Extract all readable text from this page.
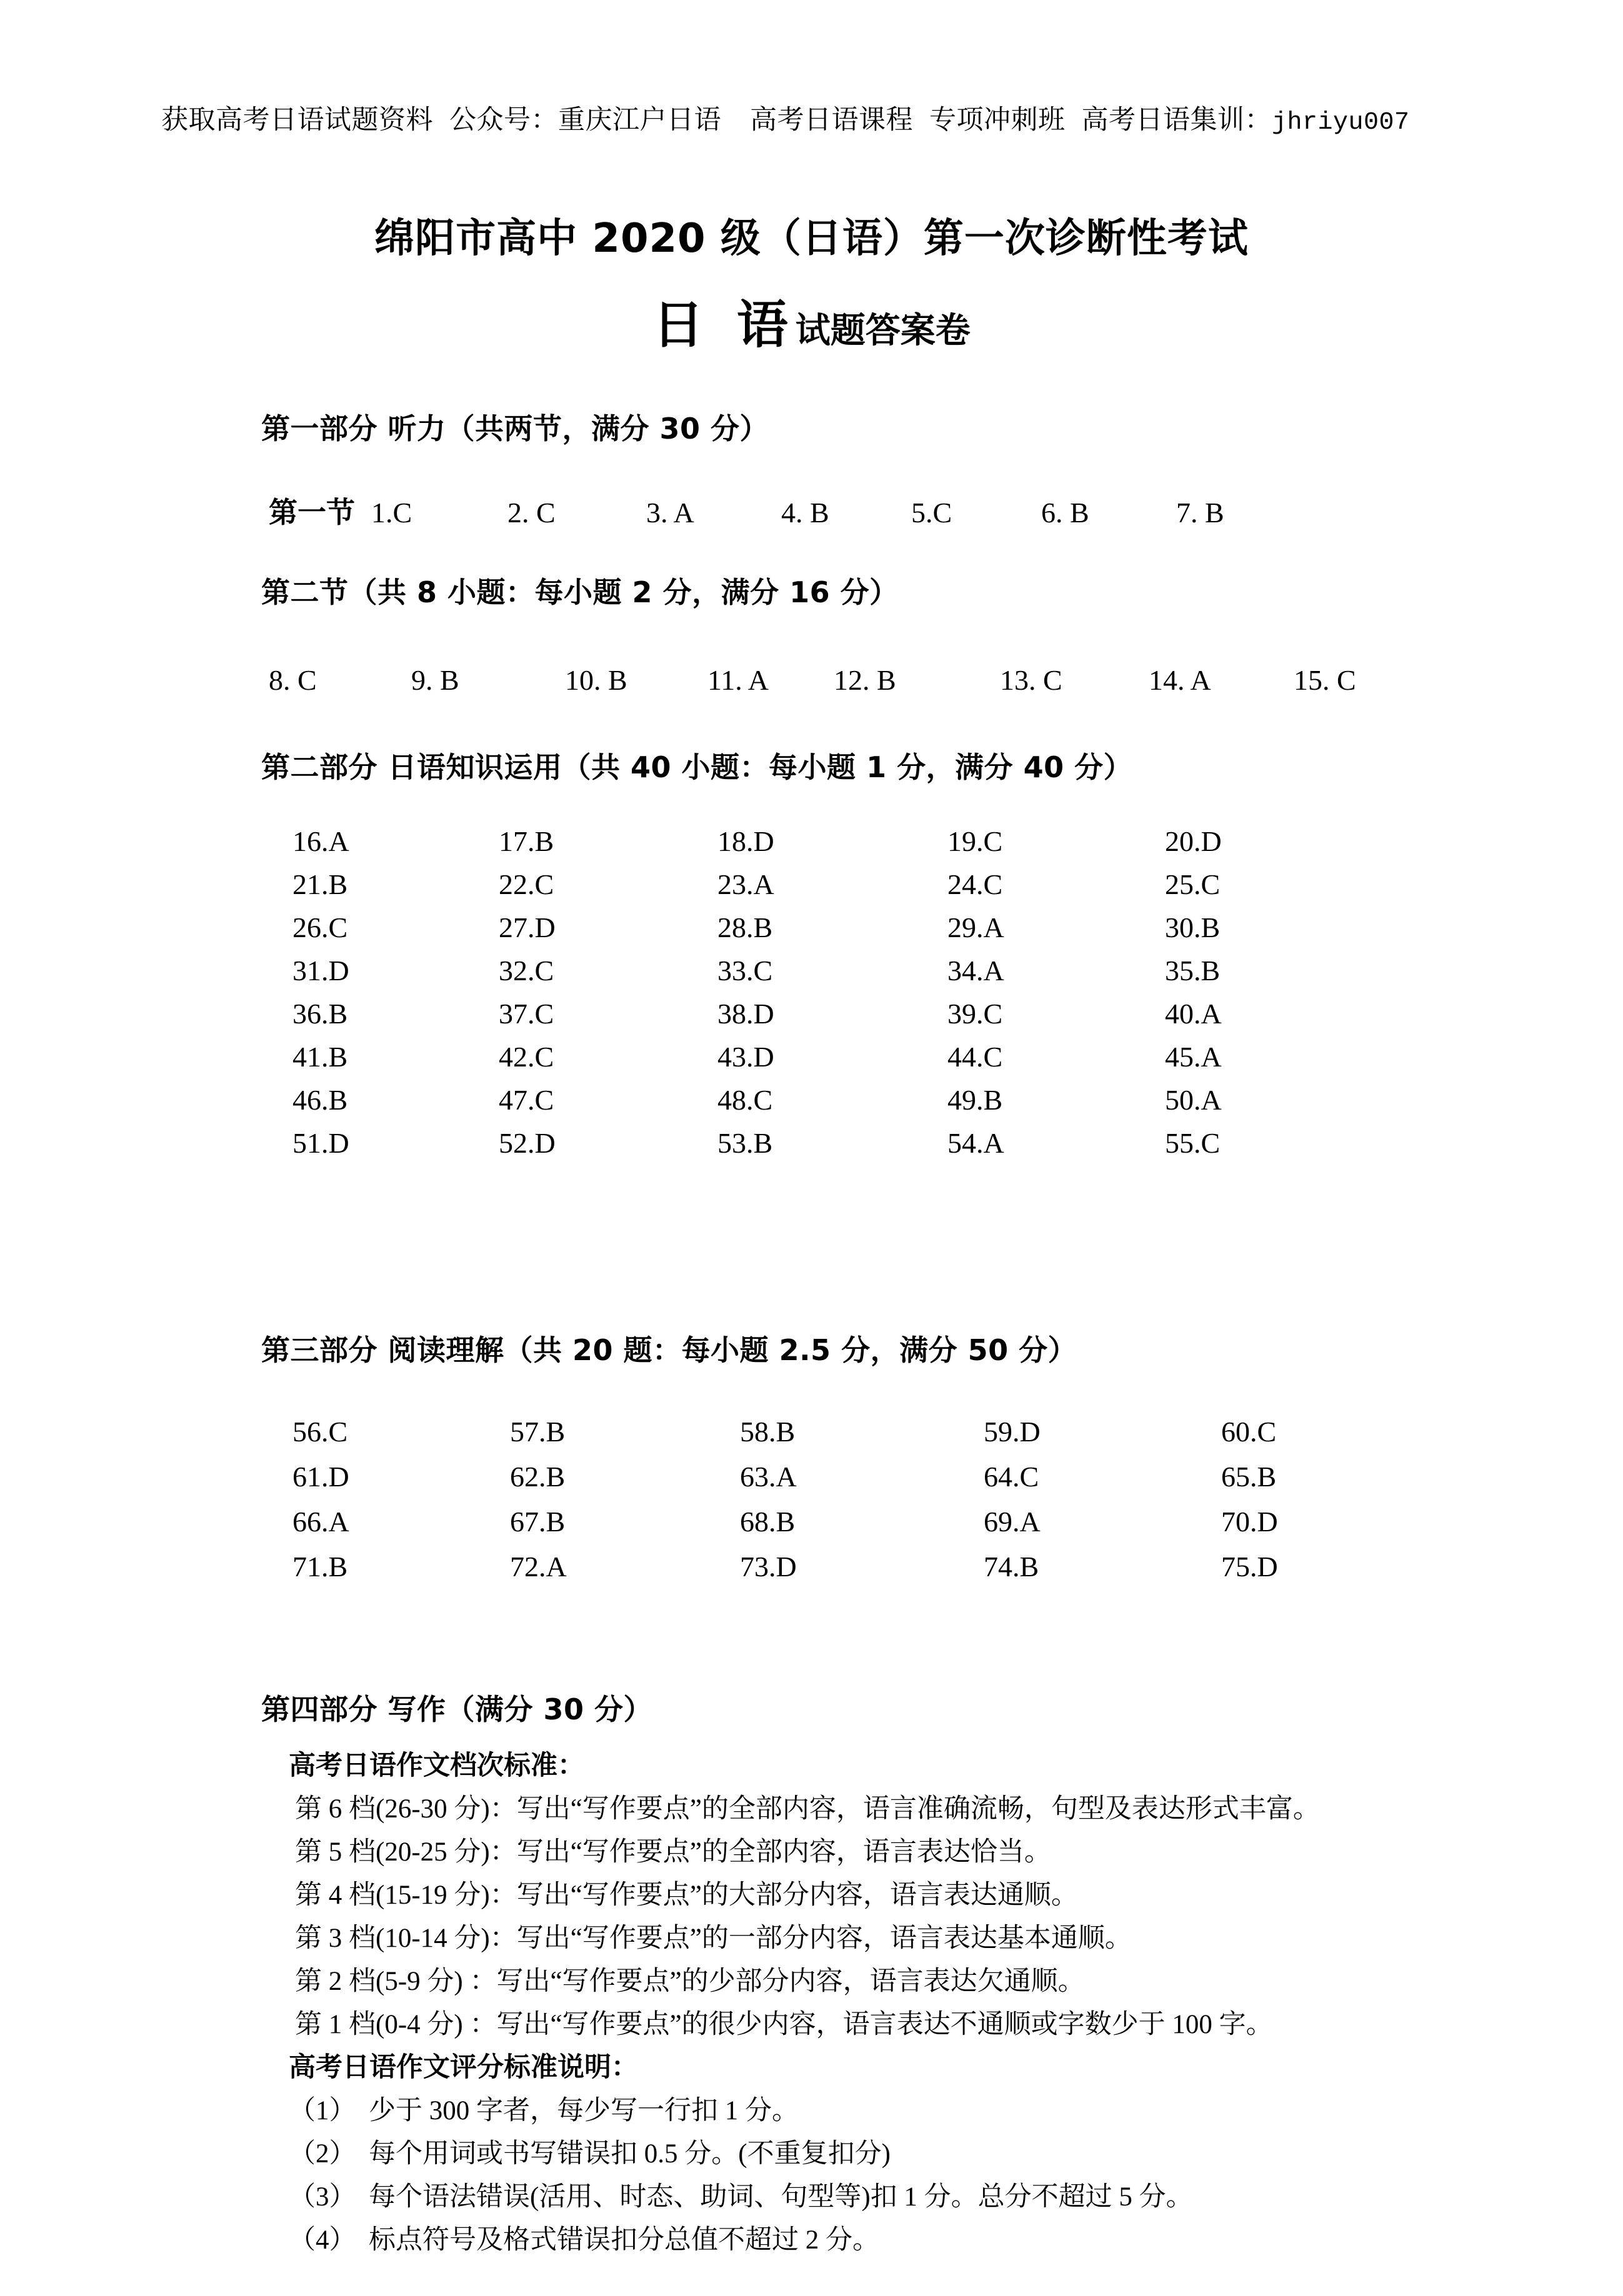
获取高考日语试题资料 公众号：重庆江户日语 高考日语课程 专项冲刺班 高考日语集训：jhriyu007
绵阳市高中 2020 级（日语）第一次诊断性考试
日 语试题答案卷
第一部分 听力（共两节，满分 30 分）
第一节 1.C	2. C	3. A	4. B	5.C	6. B	7. B
第二节（共 8 小题：每小题 2 分，满分 16 分）
8. C	9. B	10. B	11. A 12. B	13. C	14. A	15. C
第二部分 日语知识运用（共 40 小题：每小题 1 分，满分 40 分）
16.A	17.B	18.D	19.C	20.D
21.B	22.C	23.A	24.C	25.C
26.C	27.D	28.B	29.A	30.B
31.D	32.C	33.C	34.A	35.B
36.B	37.C	38.D	39.C	40.A
41.B	42.C	43.D	44.C	45.A
46.B	47.C	48.C	49.B	50.A
51.D	52.D	53.B	54.A	55.C
第三部分 阅读理解（共 20 题：每小题 2.5 分，满分 50 分）
56.C	57.B	58.B	59.D	60.C
61.D	62.B	63.A	64.C	65.B
66.A	67.B	68.B	69.A	70.D
71.B	72.A	73.D	74.B	75.D
第四部分 写作（满分 30 分）
高考日语作文档次标准：
第 6 档(26-30 分)：写出“写作要点”的全部内容，语言准确流畅，句型及表达形式丰富。
第 5 档(20-25 分)：写出“写作要点”的全部内容，语言表达恰当。
第 4 档(15-19 分)：写出“写作要点”的大部分内容，语言表达通顺。
第 3 档(10-14 分)：写出“写作要点”的一部分内容，语言表达基本通顺。
第 2 档(5-9 分) ：写出“写作要点”的少部分内容，语言表达欠通顺。
第 1 档(0-4 分) ：写出“写作要点”的很少内容，语言表达不通顺或字数少于 100 字。
高考日语作文评分标准说明：
（1） 少于 300 字者，每少写一行扣 1 分。
（2） 每个用词或书写错误扣 0.5 分。(不重复扣分)
（3） 每个语法错误(活用、时态、助词、句型等)扣 1 分。总分不超过 5 分。
（4） 标点符号及格式错误扣分总值不超过 2 分。
